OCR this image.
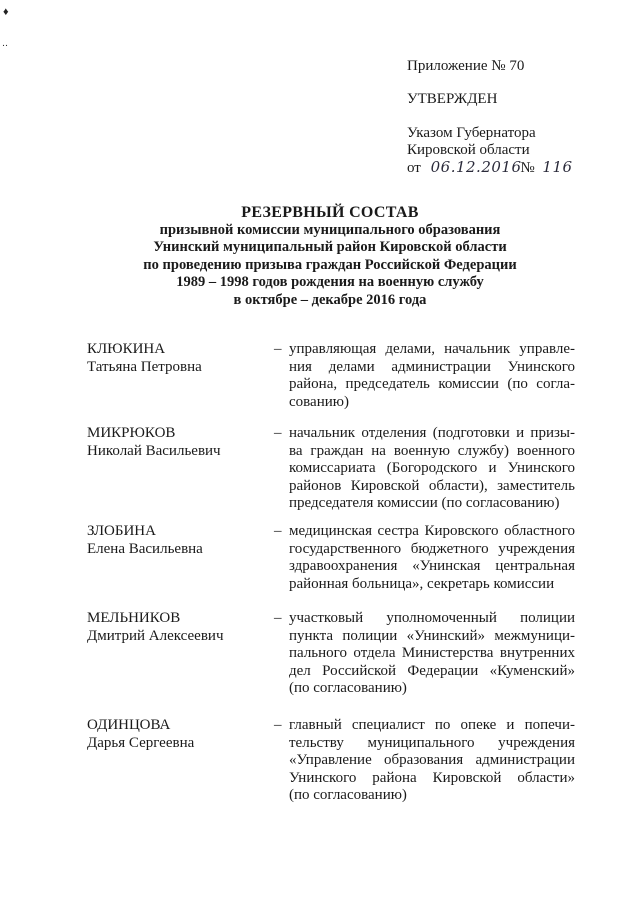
♦
‥
Приложение № 70
УТВЕРЖДЕН
Указом Губернатора
Кировской области
от 06.12.2016 № 116
РЕЗЕРВНЫЙ СОСТАВ
призывной комиссии муниципального образования
Унинский муниципальный район Кировской области
по проведению призыва граждан Российской Федерации
1989 – 1998 годов рождения на военную службу
в октябре – декабре 2016 года
КЛЮКИНА
Татьяна Петровна
– управляющая делами, начальник управле-
ния делами администрации Унинского
района, председатель комиссии (по согла-
сованию)
МИКРЮКОВ
Николай Васильевич
– начальник отделения (подготовки и призы-
ва граждан на военную службу) военного
комиссариата (Богородского и Унинского
районов Кировской области), заместитель
председателя комиссии (по согласованию)
ЗЛОБИНА
Елена Васильевна
– медицинская сестра Кировского областного
государственного бюджетного учреждения
здравоохранения «Унинская центральная
районная больница», секретарь комиссии
МЕЛЬНИКОВ
Дмитрий Алексеевич
– участковый уполномоченный полиции
пункта полиции «Унинский» межмуници-
пального отдела Министерства внутренних
дел Российской Федерации «Куменский»
(по согласованию)
ОДИНЦОВА
Дарья Сергеевна
– главный специалист по опеке и попечи-
тельству муниципального учреждения
«Управление образования администрации
Унинского района Кировской области»
(по согласованию)
